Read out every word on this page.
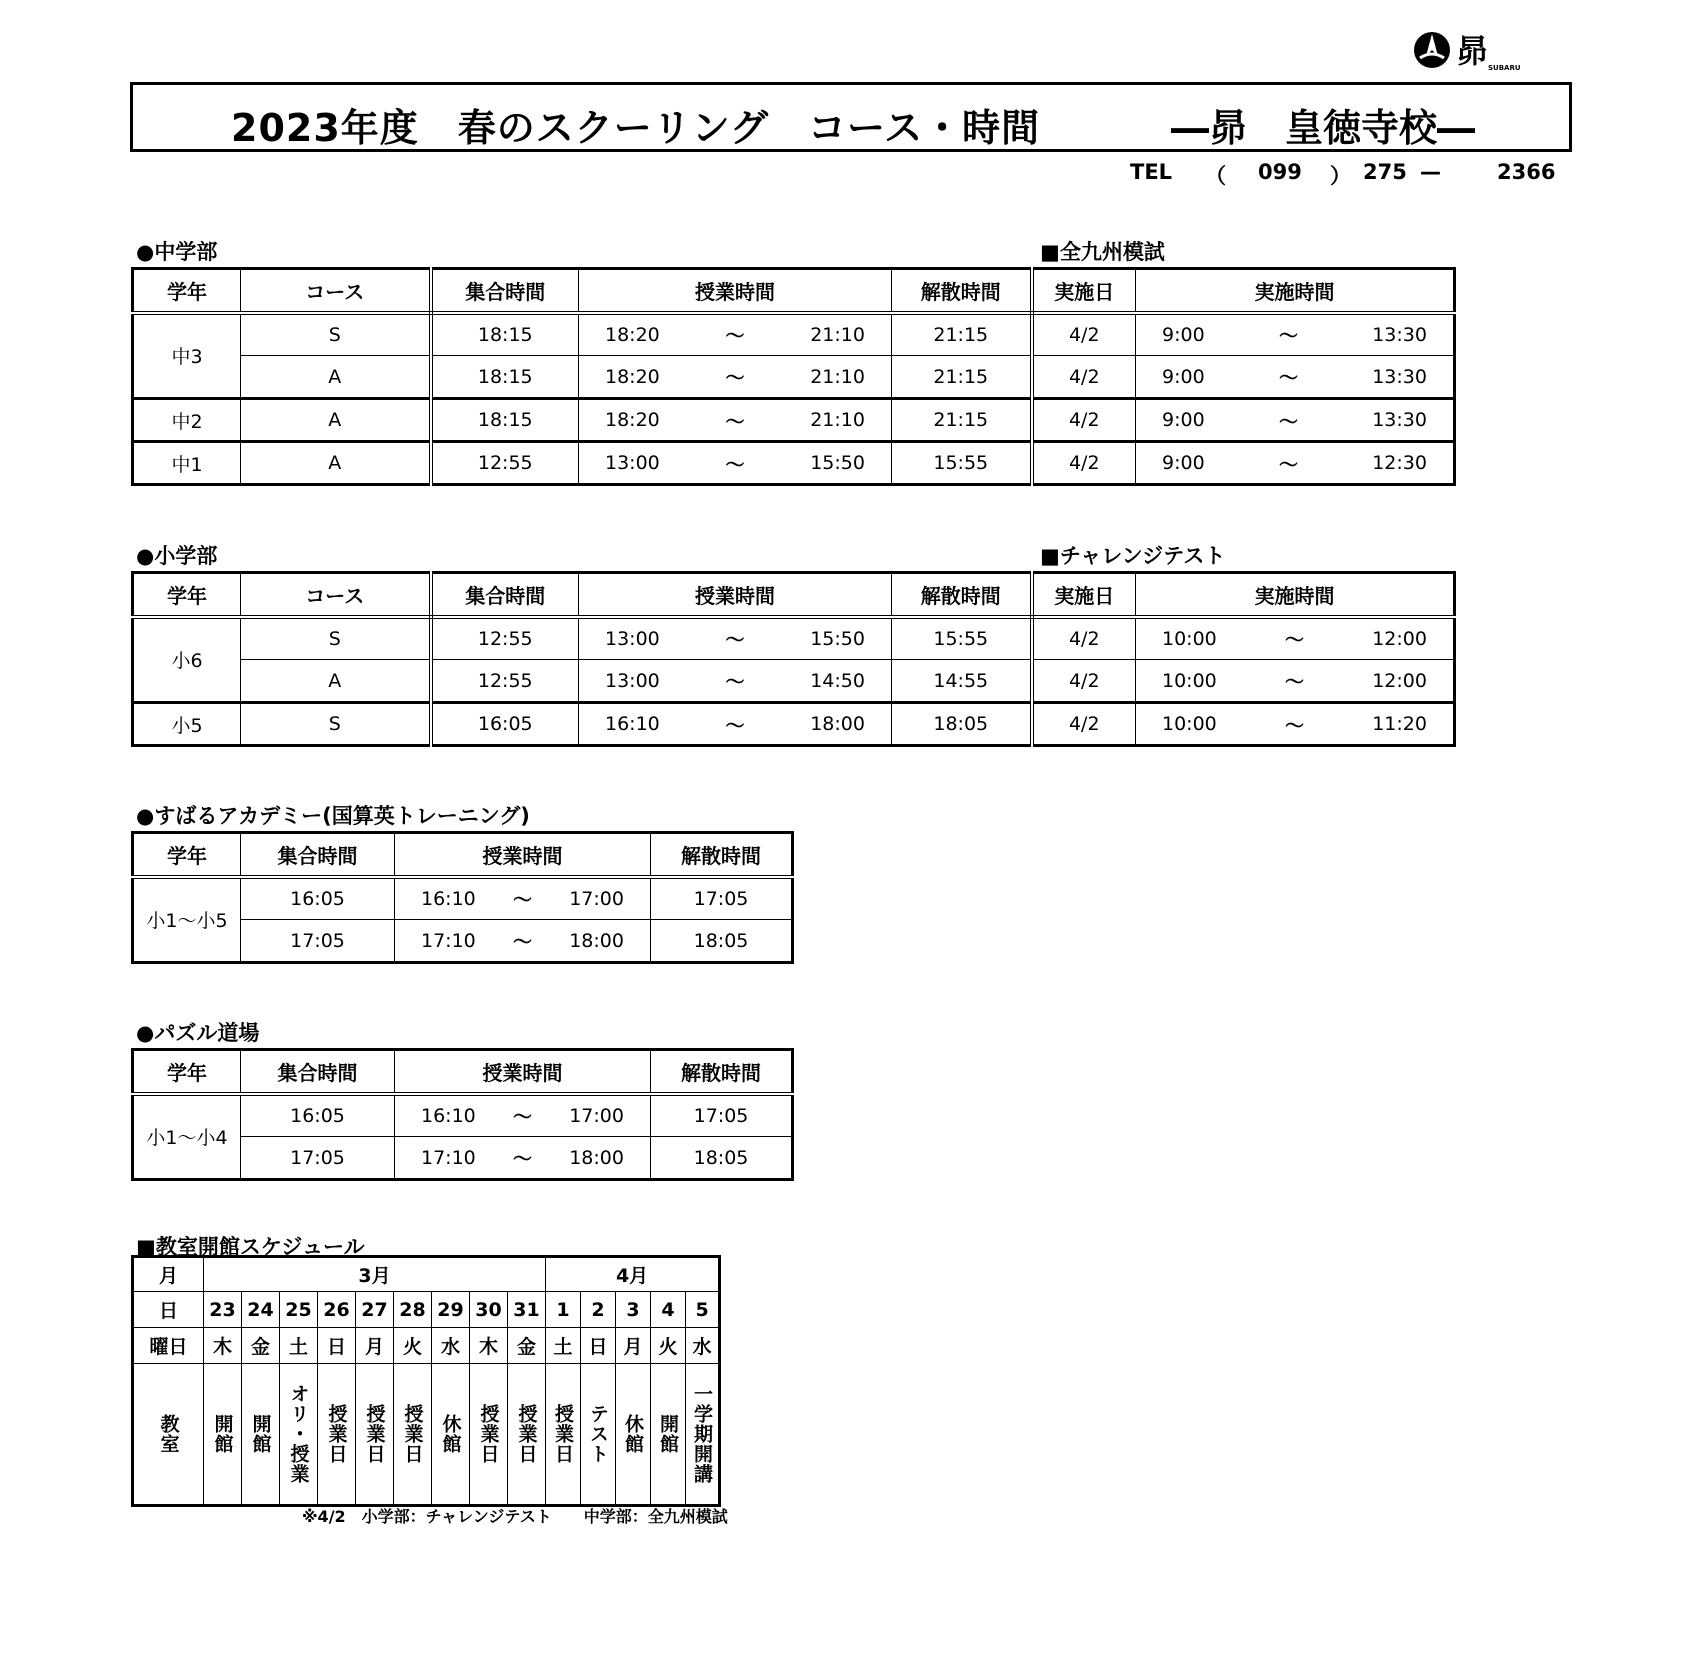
昴 SUBARU
2023年度　春のスクーリング　コース・時間	―昴　皇徳寺校―
TEL （ 099 ） 275 —	2366
●中学部	■全九州模試
学年	コース	集合時間	授業時間	解散時間	実施日	実施時間
中3	S	18:15	18:20 ～ 21:10	21:15	4/2	9:00 ～ 13:30

	A	18:15	18:20 ～ 21:10	21:15	4/2	9:00 ～ 13:30

中2	A	18:15	18:20 ～ 21:10	21:15	4/2	9:00 ～ 13:30

中1	A	12:55	13:00 ～ 15:50	15:55	4/2	9:00 ～ 12:30
●小学部	■チャレンジテスト
学年	コース	集合時間	授業時間	解散時間	実施日	実施時間
小6	S	12:55	13:00 ～ 15:50	15:55	4/2	10:00 ～ 12:00

	A	12:55	13:00 ～ 14:50	14:55	4/2	10:00 ～ 12:00

小5	S	16:05	16:10 ～ 18:00	18:05	4/2	10:00 ～ 11:20
●すばるアカデミー(国算英トレーニング)
学年	集合時間	授業時間	解散時間
小1～小5	16:05	16:10 ～ 17:00	17:05
	17:05	17:10 ～ 18:00	18:05
●パズル道場
学年	集合時間	授業時間	解散時間
小1～小4	16:05	16:10 ～ 17:00	17:05
	17:05	17:10 ～ 18:00	18:05
■教室開館スケジュール
月	3月									4月				
日	23	24	25	26	27	28	29	30	31	1	2	3	4	5
曜日	木	金	土	日	月	火	水	木	金	土	日	月	火	水

教室	開館	開館	オリ・授業	授業日	授業日	授業日	休館	授業日	授業日	授業日	テスト	休館	開館	一学期開講
※4/2　小学部：チャレンジテスト　　中学部：全九州模試
